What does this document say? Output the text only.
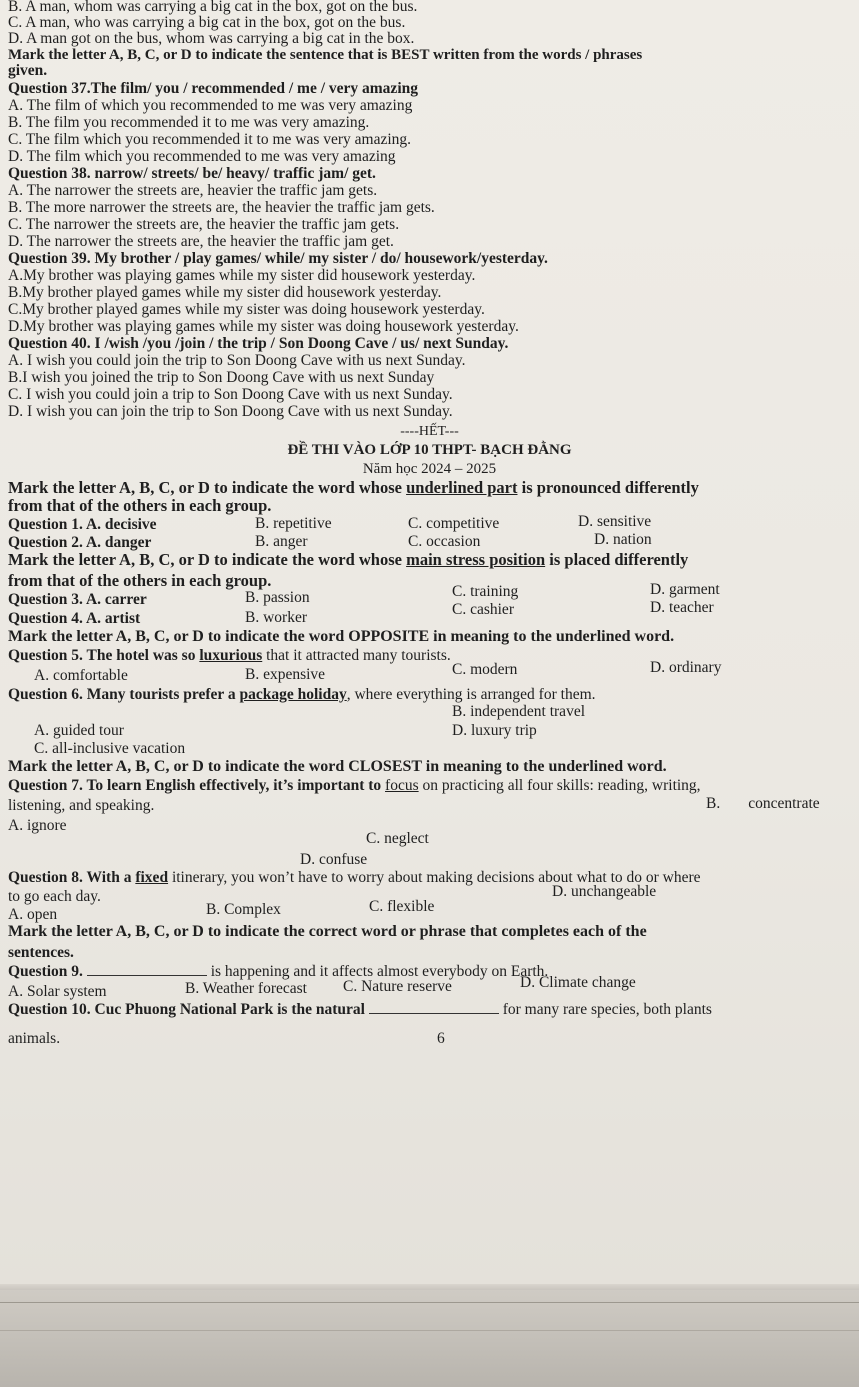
B. A man, whom was carrying a big cat in the box, got on the bus.
C. A man, who was carrying a big cat in the box, got on the bus.
D. A man got on the bus, whom was carrying a big cat in the box.
Mark the letter A, B, C, or D to indicate the sentence that is BEST written from the words / phrases
given.
Question 37.The film/ you / recommended / me / very amazing
A. The film of which you recommended to me was very amazing
B. The film you recommended it to me was very amazing.
C. The film which you recommended it to me was very amazing.
D. The film which you recommended to me was very amazing
Question 38. narrow/ streets/ be/ heavy/ traffic jam/ get.
A. The narrower the streets are, heavier the traffic jam gets.
B. The more narrower the streets are, the heavier the traffic jam gets.
C. The narrower the streets are, the heavier the traffic jam gets.
D. The narrower the streets are, the heavier the traffic jam get.
Question 39. My brother / play games/ while/ my sister / do/ housework/yesterday.
A.My brother was playing games while my sister did housework yesterday.
B.My brother played games while my sister did housework yesterday.
C.My brother played games while my sister was doing housework yesterday.
D.My brother was playing games while my sister was doing housework yesterday.
Question 40. I /wish /you /join / the trip / Son Doong Cave / us/ next Sunday.
A. I wish you could join the trip to Son Doong Cave with us next Sunday.
B.I wish you joined the trip to Son Doong Cave with us next Sunday
C. I wish you could join a trip to Son Doong Cave with us next Sunday.
D. I wish you can join the trip to Son Doong Cave with us next Sunday.
----HẾT---
ĐỀ THI VÀO LỚP 10 THPT- BẠCH ĐẰNG
Năm học 2024 – 2025
Mark the letter A, B, C, or D to indicate the word whose underlined part is pronounced differently
from that of the others in each group.
Question 1. A. decisive	B. repetitive	C. competitive	D. sensitive
Question 2. A. danger	B. anger	C. occasion	D. nation
Mark the letter A, B, C, or D to indicate the word whose main stress position is placed differently
from that of the others in each group.
Question 3. A. carrer	B. passion	C. training	D. garment
Question 4. A. artist	B. worker	C. cashier	D. teacher
Mark the letter A, B, C, or D to indicate the word OPPOSITE in meaning to the underlined word.
Question 5. The hotel was so luxurious that it attracted many tourists.
A. comfortable	B. expensive	C. modern	D. ordinary
Question 6. Many tourists prefer a package holiday, where everything is arranged for them.
B. independent travel
A. guided tour	D. luxury trip
C. all-inclusive vacation
Mark the letter A, B, C, or D to indicate the word CLOSEST in meaning to the underlined word.
Question 7. To learn English effectively, it’s important to focus on practicing all four skills: reading, writing,
listening, and speaking.	B. concentrate
A. ignore
C. neglect
D. confuse
Question 8. With a fixed itinerary, you won’t have to worry about making decisions about what to do or where
to go each day.	D. unchangeable
A. open	B. Complex	C. flexible
Mark the letter A, B, C, or D to indicate the correct word or phrase that completes each of the
sentences.
Question 9.	is happening and it affects almost everybody on Earth.
A. Solar system	B. Weather forecast C. Nature reserve	D. Climate change
Question 10. Cuc Phuong National Park is the natural	for many rare species, both plants
animals.	6
